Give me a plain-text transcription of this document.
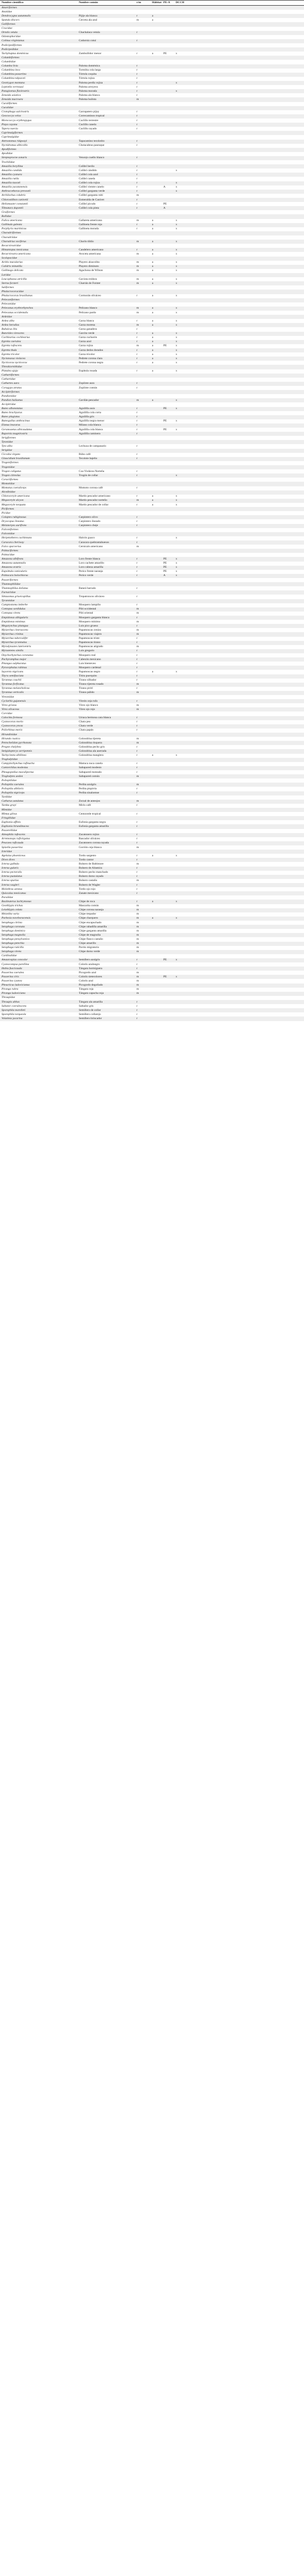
Nombre científico	Nombre común	r/m	Hábitat	PE-A	DCCH
Anseriformes					
Anatidae					
Dendrocygna autumnalis	Pijije ala blanca	r	a		
Spatula discors	Cerceta ala azul	m	a		
Galliformes					
Cracidae					
Ortalis vetula	Chachalaca vetula	r			
Odontophoridae					
Colinus virginianus	Codorniz cotuí	r			
Podicipediformes					
Podicipedidae					
Tachybaptus dominicus	Zambullidor menor	r	a	PE	x
Columbiformes					
Columbidae					
Columba livia	Paloma doméstica	r			
Columbina inca	Tortolita cola larga	r			
Columbina passerina	Tórtola coquita	r			
Columbina talpacoti	Tórtola rojiza	r			
Geotrygon montana	Paloma perdiz rojiza	r			x
Leptotila verreauxi	Paloma arroyera	r			
Patagioenas flavirostris	Paloma morada	r			x
Zenaida asiatica	Paloma ala blanca	r			
Zenaida macroura	Paloma huilota	m			
Cuculiformes					
Cuculidae					
Crotophaga sulcirostris	Garrapatero pijuy	r			
Geococcyx velox	Correcaminos tropical	r			
Morococcyx erythropygus	Cuclillo terrestre	r			
Piaya cayana	Cuclillo canela	r			
Tapera naevia	Cuclillo rayado	r			
Caprimulgiformes					
Caprimulgidae					
Antrostomus ridgwayi	Tapacamino tecolotito	r			
Nyctidromus albicollis	Chotacabras pauraque	r			
Apodiformes					
Apodidae					
Streptoprocne zonaris	Vencejo cuello blanco	r			
Trochilidae					
Amazilia beryllina	Colibrí berilo	r			
Amazilia candida	Colibrí cándido	r			x
Amazilia cyanura	Colibrí cola azul	r			
Amazilia rutila	Colibrí canela	r			
Amazilia tzacatl	Colibrí cola rojiza	r			x
Amazilia yucatanensis	Colibrí vientre canelo	r		A	x
Anthracothorax prevostii	Colibrí garganta verde	r			x
Archilochus colubris	Colibrí garganta rubí	m			
Chlorostilbon canivetii	Esmeralda de Canivet	r			
Heliomaster constantii	Colibrí picudo	r		PE	
Tilmatura dupontii	Colibrí cola pinta	r		A	
Gruiformes					
Rallidae					
Fulica americana	Gallareta americana	m	a		x
Gallinula galeata	Gallineta frente roja	r	a		x
Porphyrio martinicus	Gallineta morada	r	a		x
Charadriiformes					
Charadriidae					
Charadrius vociferus	Chorlo tildío	m	a		x
Recurvirostridae					
Himantopus mexicanus	Candelero americano	r	a		x
Recurvirostra americana	Avoceta americana	m	a		x
Scolopacidae					
Actitis macularius	Playero alzacolita	m	a		x
Calidris minutilla	Playero diminuto	m	a		x
Gallinago delicata	Agachona de Wilson	m	a		x
Laridae					
Leucophaeus atricilla	Gaviota reidora	m	a		x
Sterna forsteri	Charrán de Forster	m	a		x
Suliformes					
Phalacrocoracidae					
Phalacrocorax brasilianus	Cormorán oliváceo	r	a		x
Pelecaniformes					
Pelecanidae					
Pelecanus erythrorhynchos	Pelícano blanco	m	a		x
Pelecanus occidentalis	Pelícano pardo	m	a		x
Ardeidae					
Ardea alba	Garza blanca	r	a		x
Ardea herodias	Garza morena	m	a		x
Bubulcus ibis	Garza ganadera	r			
Butorides virescens	Garcita verde	r	a		x
Cochlearius cochlearius	Garza cucharón	r	a		x
Egretta caerulea	Garza azul	r	a		x
Egretta rufescens	Garza rojiza	m	a	PE	x
Egretta thula	Garza dedos dorados	r	a		x
Egretta tricolor	Garza tricolor	r	a		x
Nyctanassa violacea	Pedrete corona clara	r	a		x
Nycticorax nycticorax	Pedrete corona negra	r	a		x
Threskiornithidae					
Platalea ajaja	Espátula rosada	r	a		x
Cathartiformes					
Cathartidae					
Cathartes aura	Zopilote aura	r			
Coragyps atratus	Zopilote común	r			
Accipitriformes					
Pandionidae					
Pandion haliaetus	Gavilán pescador	m	a		x
Accipitridae					
Buteo albonotatus	Aguililla aura	r		PE	x
Buteo brachyurus	Aguililla cola corta	r			
Buteo plagiatus	Aguililla gris	r			
Buteogallus anthracinus	Aguililla negra menor	r		PE	x
Elanus leucurus	Milano cola blanca	r			
Geranoaetus albicaudatus	Aguililla cola blanca	r		PE	x
Rupornis magnirostris	Aguililla caminera	r			
Strigiformes					
Tytonidae					
Tyto alba	Lechuza de campanario	r			
Strigidae					
Ciccaba virgata	Búho café	r			
Glaucidium brasilianum	Tecolote bajeño	r			
Trogoniformes					
Trogonidae					
Trogon caligatus	Coa Violácea Norteña	r			
Trogon citreolus	Trogón de collar	r			x
Coraciiformes					
Momotidae					
Momotus coeruliceps	Momoto corona café	r			
Alcedinidae					
Chloroceryle americana	Martín pescador americano	r	a		x
Megaceryle alcyon	Martín pescador norteño	m	a		x
Megaceryle torquata	Martín pescador de collar	r	a		x
Piciformes					
Picidae					
Colaptes rubiginosus	Carpintero olivo	r			
Dryocopus lineatus	Carpintero lineado	r			
Melanerpes aurifrons	Carpintero cheje	r			
Falconiformes					
Falconidae					
Herpetotheres cachinnans	Halcón guaco	r			x
Caracara cheriway	Caracara quebrantahuesos	r			
Falco sparverius	Cernícalo americano	m			
Psittaciformes					
Psittacidae					
Amazona albifrons	Loro frente blanca	r		PE	x
Amazona autumnalis	Loro cachete amarillo	r		PE	x
Amazona oratrix	Loro cabeza amarilla	r		PE	x
Eupsittula canicularis	Perico frente naranja	r		PE	x
Psittacara holochlorus	Perico verde	r		A	x
Passeriformes					
Thamnophilidae					
Thamnophilus doliatus	Batará barrado	r			
Furnariidae					
Sittasomus griseicapillus	Trepatroncos oliváceo	r			
Tyrannidae					
Camptostoma imberbe	Mosquero lampiño	r			
Contopus sordidulus	Pibí occidental	m			
Contopus virens	Pibí oriental	m			
Empidonax albigularis	Mosquero garganta blanca	r			
Empidonax minimus	Mosquero mínimo	m			
Megarynchus pitangua	Luis pico grueso	r			
Myiarchus cinerascens	Papamoscas cenizo	m			
Myiarchus crinitus	Papamoscas viajero	m			
Myiarchus tuberculifer	Papamoscas triste	r			
Myiarchus tyrannulus	Papamoscas tirano	r			
Myiodynastes luteiventris	Papamoscas atigrado	m			
Myiozetetes similis	Luis gregario	r			
Onychorhynchus coronatus	Mosquero real	r			
Pachyramphus major	Cabezón mexicano	r			
Pitangus sulphuratus	Luis bienteveo	r			
Pyrocephalus rubinus	Mosquero cardenal	r			
Sayornis nigricans	Papamoscas negro	r	a		x
Tityra semifasciata	Titira puerquito	r			
Tyrannus couchii	Tirano silbador	r			
Tyrannus forficatus	Tirano tijereta rosado	m			
Tyrannus melancholicus	Tirano pirirí	r			
Tyrannus verticalis	Tirano pálido	m			
Vireonidae					
Cyclarhis gujanensis	Vireón ceja rufa	r			
Vireo griseus	Vireo ojo blanco	m			
Vireo olivaceus	Vireo ojo rojo	m			
Corvidae					
Calocitta formosa	Urraca hermosa cara blanca	r			
Cyanocorax morio	Chara pea	r			
Cyanocorax yncas	Chara verde	r			
Psilorhinus morio	Chara papán	r			
Hirundinidae					
Hirundo rustica	Golondrina tijereta	m			
Petrochelidon pyrrhonota	Golondrina risquera	m			
Progne chalybea	Golondrina pecho gris	r			
Stelgidopteryx serripennis	Golondrina ala aserrada	r			
Tachycineta albilinea	Golondrina manglera	r	a		x
Troglodytidae					
Campylorhynchus rufinucha	Matraca nuca canela	r			
Cantorchilus modestus	Saltapared modesto	r			
Pheugopedius maculipectus	Saltapared moteado	r			
Troglodytes aedon	Saltapared común	m			
Polioptilidae					
Polioptila caerulea	Perlita azulgris	m			
Polioptila albiloris	Perlita pispirria	r			
Polioptila nigriceps	Perlita sinaloense	r			
Turdidae					
Catharus ustulatus	Zorzal de anteojos	m			
Turdus grayi	Mirlo café	r			
Mimidae					
Mimus gilvus	Centzontle tropical	r			
Fringillidae					
Euphonia affinis	Eufonia garganta negra	r			
Euphonia hirundinacea	Eufonia garganta amarilla	r			
Passerellidae					
Aimophila rufescens	Zacatonero rojizo	r			
Arremonops rufivirgatus	Rascador oliváceo	r			
Peucaea ruficauda	Zacatonero corona rayada	r			
Spizella passerina	Gorrión ceja blanca	m			
Icteridae					
Agelaius phoeniceus	Tordo sargento	r	a		x
Dives dives	Tordo cantor	r			
Icterus galbula	Bolsero de Baltimore	m			
Icterus gularis	Bolsero de Altamira	r			
Icterus pectoralis	Bolsero pecho manchado	r			
Icterus pustulatus	Bolsero dorso rayado	r			
Icterus spurius	Bolsero castaño	m			
Icterus wagleri	Bolsero de Wagler	r			
Molothrus aeneus	Tordo ojo rojo	r			
Quiscalus mexicanus	Zanate mexicano	r			
Parulidae					
Basileuterus lachrymosus	Chipe de roca	r	a		x
Geothlypis trichas	Mascarita común	m			
Leiothlypis celata	Chipe corona naranja	m			
Mniotilta varia	Chipe trepador	m			
Parkesia noveboracensis	Chipe charquero	m	a		x
Setophaga citrina	Chipe encapuchado	m			
Setophaga coronata	Chipe rabadilla amarilla	m			
Setophaga dominica	Chipe garganta amarilla	m			
Setophaga magnolia	Chipe de magnolia	m			
Setophaga pensylvanica	Chipe flanco castaño	m			
Setophaga petechia	Chipe amarillo	m			
Setophaga ruticilla	Pavito migratorio	m			
Setophaga virens	Chipe dorso verde	m			
Cardinalidae					
Amaurospiza concolor	Semillero azulgris	r		PE	x
Cyanocompsa parellina	Colorín azulnegro	r			
Habia fuscicauda	Tángara hormiguera	r			
Passerina caerulea	Picogordo azul	m			
Passerina ciris	Colorín sietecolores	m		PE	x
Passerina cyanea	Colorín azul	m			
Pheucticus ludovicianus	Picogordo degollado	m			
Piranga rubra	Tángara roja	m			
Piranga ludoviciana	Tángara capucha roja	m			
Thraupidae					
Thraupis abbas	Tángara ala amarilla	r			
Saltator coerulescens	Saltador gris	r			
Sporophila morelleti	Semillero de collar	r			
Sporophila torqueola	Semillero collarejo	r			
Volatinia jacarina	Semillero brincador	r			
